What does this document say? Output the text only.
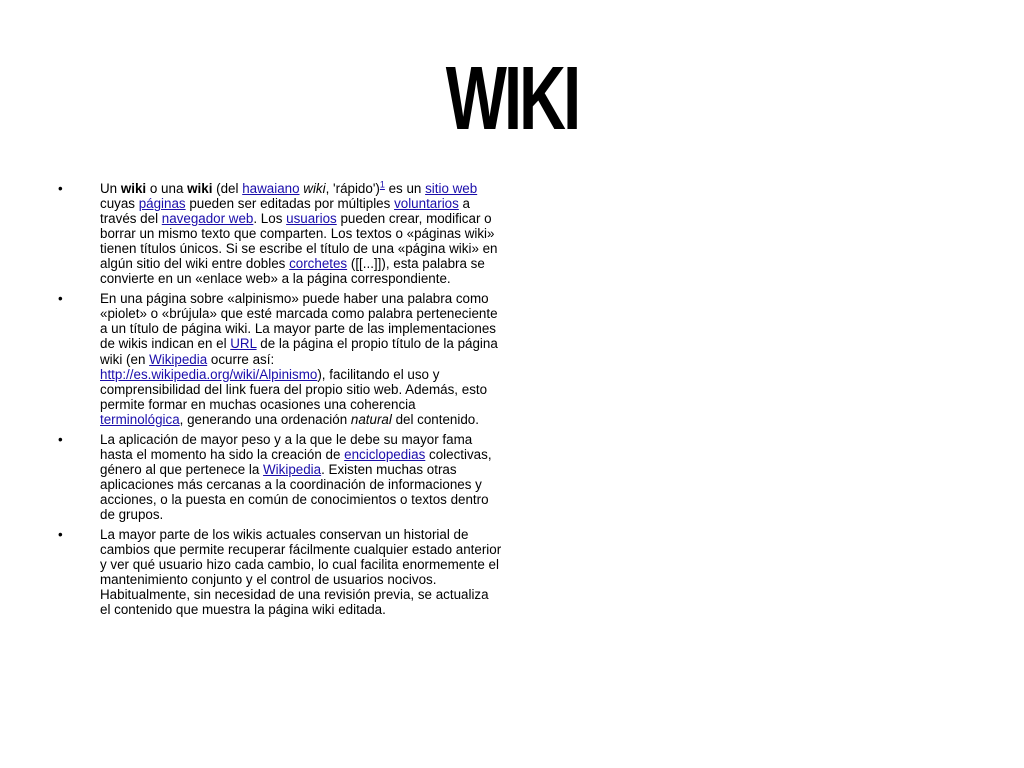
WIKI
•	Un wiki o una wiki (del hawaiano wiki, 'rápido')$^1$ es un sitio web cuyas páginas pueden ser editadas por múltiples voluntarios a través del navegador web. Los usuarios pueden crear, modificar o borrar un mismo texto que comparten. Los textos o «páginas wiki» tienen títulos únicos. Si se escribe el título de una «página wiki» en algún sitio del wiki entre dobles corchetes ([[...]]), esta palabra se convierte en un «enlace web» a la página correspondiente.
•	En una página sobre «alpinismo» puede haber una palabra como «piolet» o «brújula» que esté marcada como palabra perteneciente a un título de página wiki. La mayor parte de las implementaciones de wikis indican en el URL de la página el propio título de la página wiki (en Wikipedia ocurre así: http://es.wikipedia.org/wiki/Alpinismo), facilitando el uso y comprensibilidad del link fuera del propio sitio web. Además, esto permite formar en muchas ocasiones una coherencia terminológica, generando una ordenación natural del contenido.
•	La aplicación de mayor peso y a la que le debe su mayor fama hasta el momento ha sido la creación de enciclopedias colectivas, género al que pertenece la Wikipedia. Existen muchas otras aplicaciones más cercanas a la coordinación de informaciones y acciones, o la puesta en común de conocimientos o textos dentro de grupos.
•	La mayor parte de los wikis actuales conservan un historial de cambios que permite recuperar fácilmente cualquier estado anterior y ver qué usuario hizo cada cambio, lo cual facilita enormemente el mantenimiento conjunto y el control de usuarios nocivos. Habitualmente, sin necesidad de una revisión previa, se actualiza el contenido que muestra la página wiki editada.
